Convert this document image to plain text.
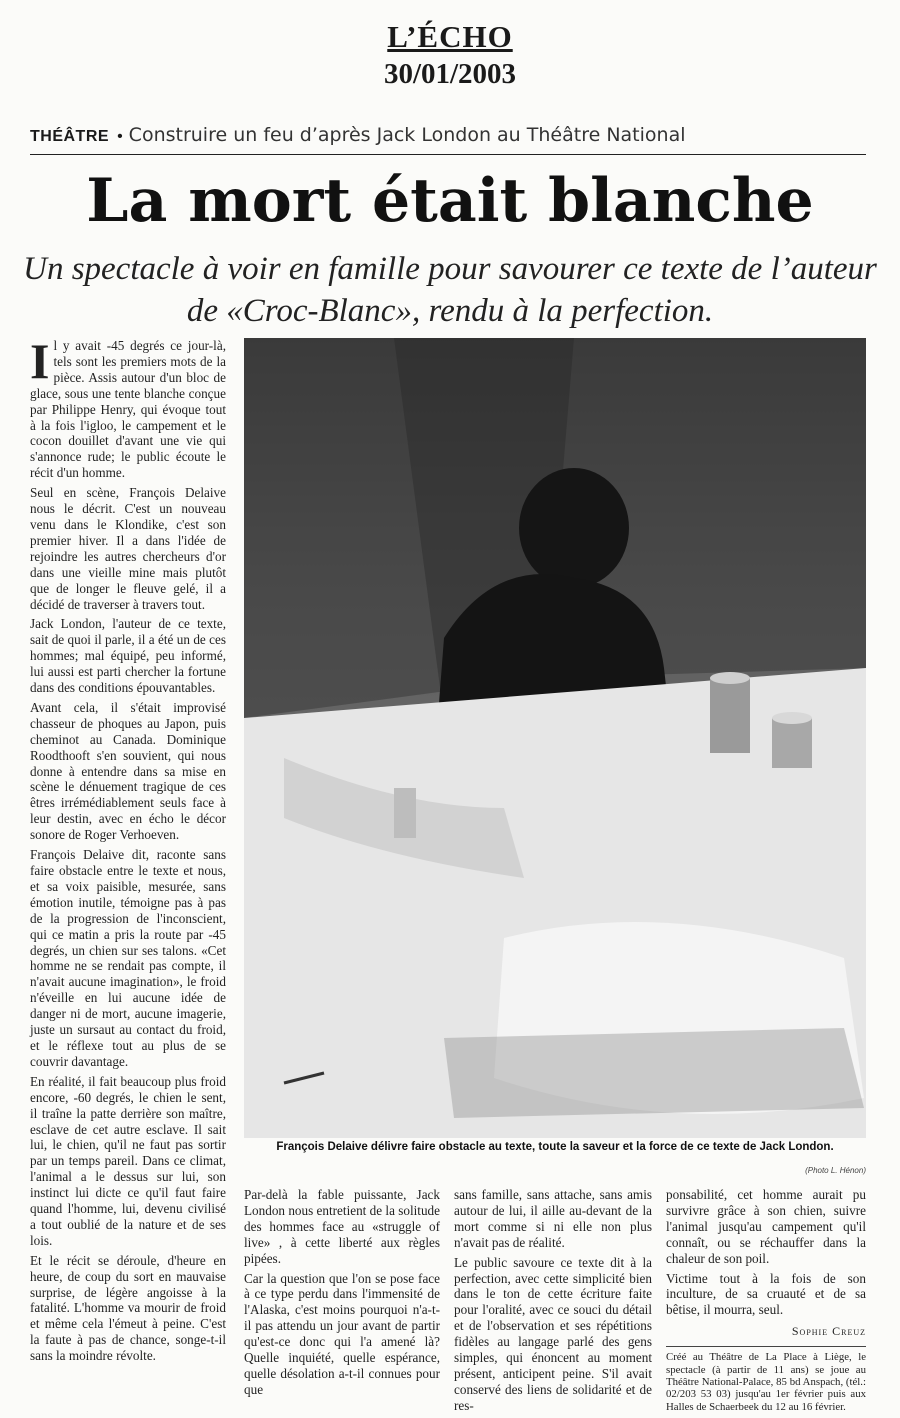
L’ÉCHO
30/01/2003
THÉÂTRE • Construire un feu d’après Jack London au Théâtre National
La mort était blanche
Un spectacle à voir en famille pour savourer ce texte de l’auteur de «Croc-Blanc», rendu à la perfection.

Il y avait -45 degrés ce jour-là, tels sont les premiers mots de la pièce. Assis autour d'un bloc de glace, sous une tente blanche conçue par Philippe Henry, qui évoque tout à la fois l'igloo, le campement et le cocon douillet d'avant une vie qui s'annonce rude; le public écoute le récit d'un homme.

Seul en scène, François Delaive nous le décrit. C'est un nouveau venu dans le Klondike, c'est son premier hiver. Il a dans l'idée de rejoindre les autres chercheurs d'or dans une vieille mine mais plutôt que de longer le fleuve gelé, il a décidé de traverser à travers tout.

Jack London, l'auteur de ce texte, sait de quoi il parle, il a été un de ces hommes; mal équipé, peu informé, lui aussi est parti chercher la fortune dans des conditions épouvantables.

Avant cela, il s'était improvisé chasseur de phoques au Japon, puis cheminot au Canada. Dominique Roodthooft s'en souvient, qui nous donne à entendre dans sa mise en scène le dénuement tragique de ces êtres irrémédiablement seuls face à leur destin, avec en écho le décor sonore de Roger Verhoeven.

François Delaive dit, raconte sans faire obstacle entre le texte et nous, et sa voix paisible, mesurée, sans émotion inutile, témoigne pas à pas de la progression de l'inconscient, qui ce matin a pris la route par -45 degrés, un chien sur ses talons. «Cet homme ne se rendait pas compte, il n'avait aucune imagination», le froid n'éveille en lui aucune idée de danger ni de mort, aucune imagerie, juste un sursaut au contact du froid, et le réflexe tout au plus de se couvrir davantage.

En réalité, il fait beaucoup plus froid encore, -60 degrés, le chien le sent, il traîne la patte derrière son maître, esclave de cet autre esclave. Il sait lui, le chien, qu'il ne faut pas sortir par un temps pareil. Dans ce climat, l'animal a le dessus sur lui, son instinct lui dicte ce qu'il faut faire quand l'homme, lui, devenu civilisé a tout oublié de la nature et de ses lois.

Et le récit se déroule, d'heure en heure, de coup du sort en mauvaise surprise, de légère angoisse à la fatalité. L'homme va mourir de froid et même cela l'émeut à peine. C'est la faute à pas de chance, songe-t-il sans la moindre révolte.

François Delaive délivre faire obstacle au texte, toute la saveur et la force de ce texte de Jack London.
(Photo L. Hénon)

Par-delà la fable puissante, Jack London nous entretient de la solitude des hommes face au «struggle of live» , à cette liberté aux règles pipées.

Car la question que l'on se pose face à ce type perdu dans l'immensité de l'Alaska, c'est moins pourquoi n'a-t-il pas attendu un jour avant de partir qu'est-ce donc qui l'a amené là? Quelle inquiété, quelle espérance, quelle désolation a-t-il connues pour que

sans famille, sans attache, sans amis autour de lui, il aille au-devant de la mort comme si ni elle non plus n'avait pas de réalité.

Le public savoure ce texte dit à la perfection, avec cette simplicité bien dans le ton de cette écriture faite pour l'oralité, avec ce souci du détail et de l'observation et ses répétitions fidèles au langage parlé des gens simples, qui énoncent au moment présent, anticipent peine. S'il avait conservé des liens de solidarité et de res-

ponsabilité, cet homme aurait pu survivre grâce à son chien, suivre l'animal jusqu'au campement qu'il connaît, ou se réchauffer dans la chaleur de son poil.

Victime tout à la fois de son inculture, de sa cruauté et de sa bêtise, il mourra, seul.

Sophie Creuz
Créé au Théâtre de La Place à Liège, le spectacle (à partir de 11 ans) se joue au Théâtre National-Palace, 85 bd Anspach, (tél.: 02/203 53 03) jusqu'au 1er février puis aux Halles de Schaerbeek du 12 au 16 février.
